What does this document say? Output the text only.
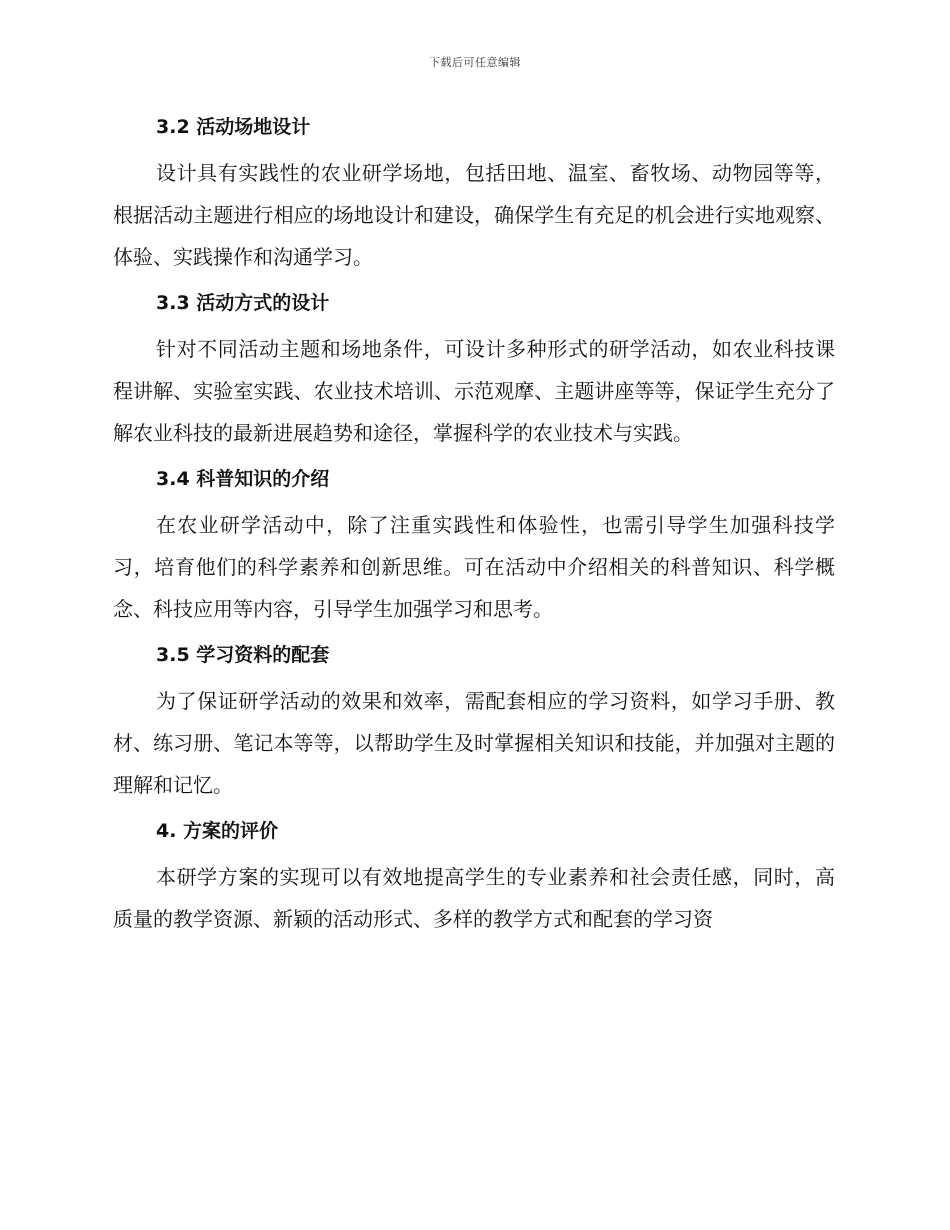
下载后可任意编辑
3.2 活动场地设计

设计具有实践性的农业研学场地，包括田地、温室、畜牧场、动物园等等，根据活动主题进行相应的场地设计和建设，确保学生有充足的机会进行实地观察、体验、实践操作和沟通学习。

3.3 活动方式的设计

针对不同活动主题和场地条件，可设计多种形式的研学活动，如农业科技课程讲解、实验室实践、农业技术培训、示范观摩、主题讲座等等，保证学生充分了解农业科技的最新进展趋势和途径，掌握科学的农业技术与实践。

3.4 科普知识的介绍

在农业研学活动中，除了注重实践性和体验性，也需引导学生加强科技学习，培育他们的科学素养和创新思维。可在活动中介绍相关的科普知识、科学概念、科技应用等内容，引导学生加强学习和思考。

3.5 学习资料的配套

为了保证研学活动的效果和效率，需配套相应的学习资料，如学习手册、教材、练习册、笔记本等等，以帮助学生及时掌握相关知识和技能，并加强对主题的理解和记忆。

4. 方案的评价

本研学方案的实现可以有效地提高学生的专业素养和社会责任感，同时，高质量的教学资源、新颖的活动形式、多样的教学方式和配套的学习资
